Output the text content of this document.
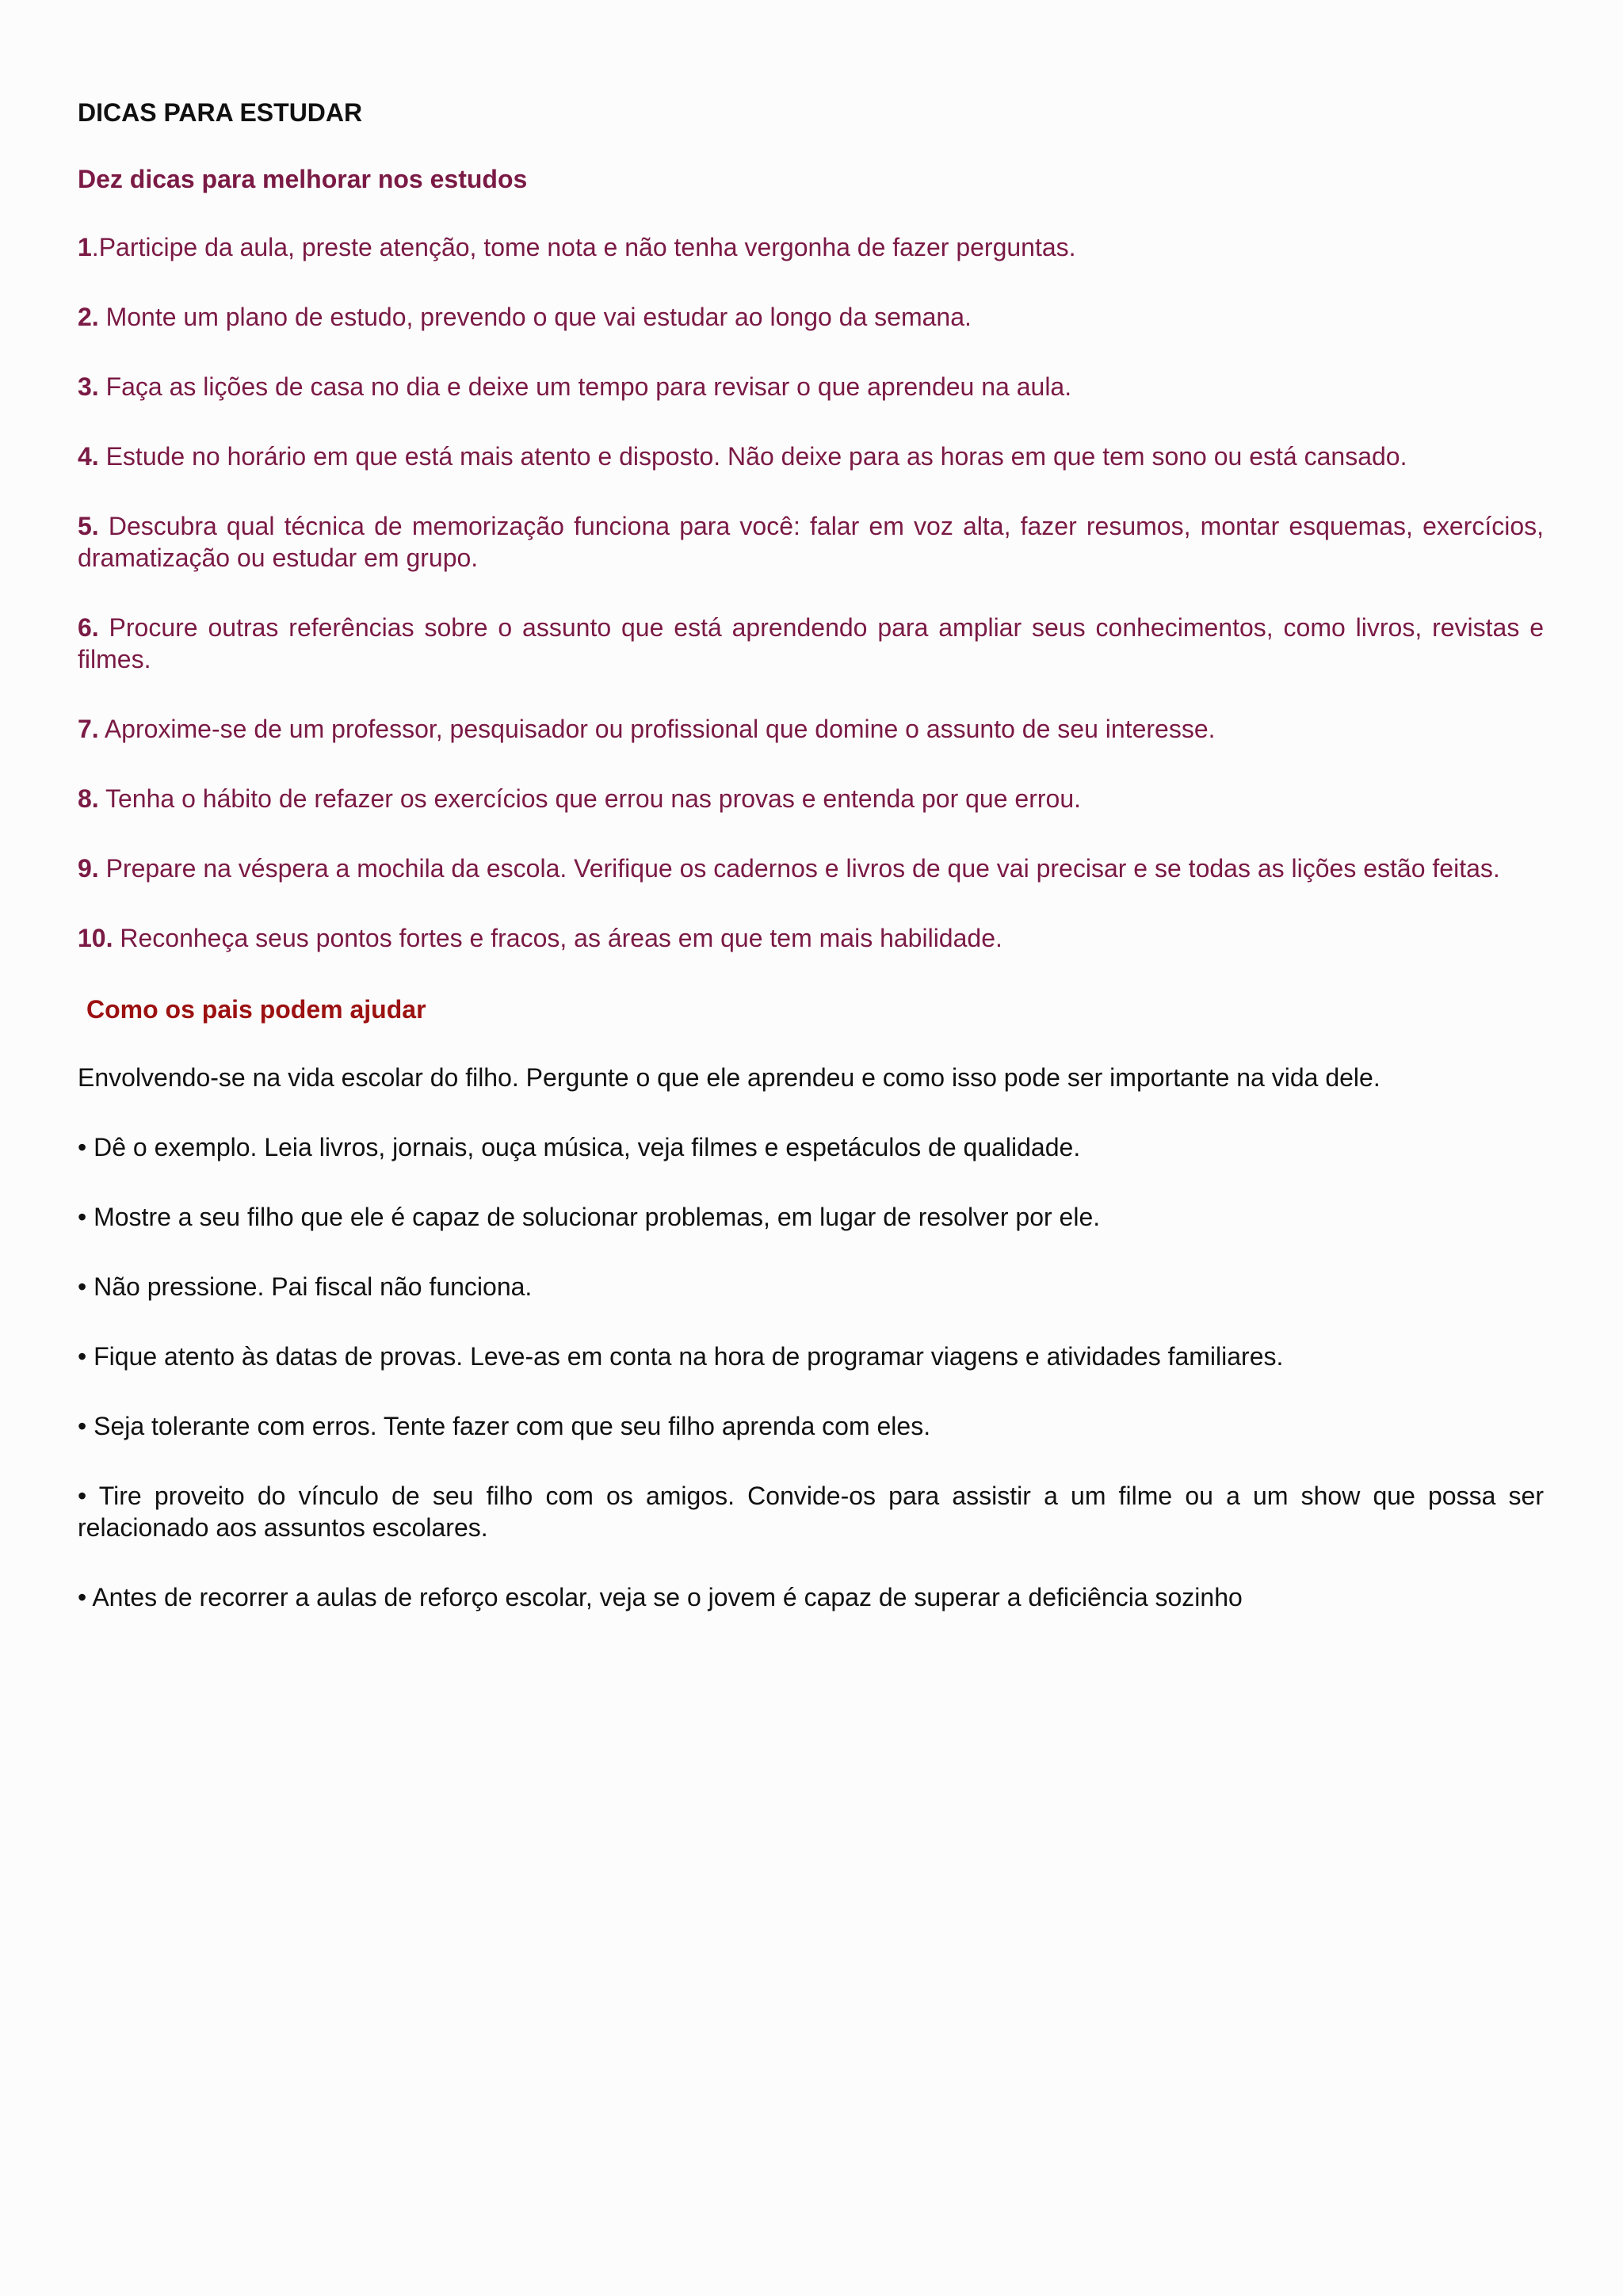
DICAS PARA ESTUDAR
Dez dicas para melhorar nos estudos
1.Participe da aula, preste atenção, tome nota e não tenha vergonha de fazer perguntas.
2. Monte um plano de estudo, prevendo o que vai estudar ao longo da semana.
3. Faça as lições de casa no dia e deixe um tempo para revisar o que aprendeu na aula.
4. Estude no horário em que está mais atento e disposto. Não deixe para as horas em que tem sono ou está cansado.
5. Descubra qual técnica de memorização funciona para você: falar em voz alta, fazer resumos, montar esquemas, exercícios, dramatização ou estudar em grupo.
6. Procure outras referências sobre o assunto que está aprendendo para ampliar seus conhecimentos, como livros, revistas e filmes.
7. Aproxime-se de um professor, pesquisador ou profissional que domine o assunto de seu interesse.
8. Tenha o hábito de refazer os exercícios que errou nas provas e entenda por que errou.
9. Prepare na véspera a mochila da escola. Verifique os cadernos e livros de que vai precisar e se todas as lições estão feitas.
10. Reconheça seus pontos fortes e fracos, as áreas em que tem mais habilidade.
Como os pais podem ajudar
Envolvendo-se na vida escolar do filho. Pergunte o que ele aprendeu e como isso pode ser importante na vida dele.
• Dê o exemplo. Leia livros, jornais, ouça música, veja filmes e espetáculos de qualidade.
• Mostre a seu filho que ele é capaz de solucionar problemas, em lugar de resolver por ele.
• Não pressione. Pai fiscal não funciona.
• Fique atento às datas de provas. Leve-as em conta na hora de programar viagens e atividades familiares.
• Seja tolerante com erros. Tente fazer com que seu filho aprenda com eles.
• Tire proveito do vínculo de seu filho com os amigos. Convide-os para assistir a um filme ou a um show que possa ser relacionado aos assuntos escolares.
• Antes de recorrer a aulas de reforço escolar, veja se o jovem é capaz de superar a deficiência sozinho
